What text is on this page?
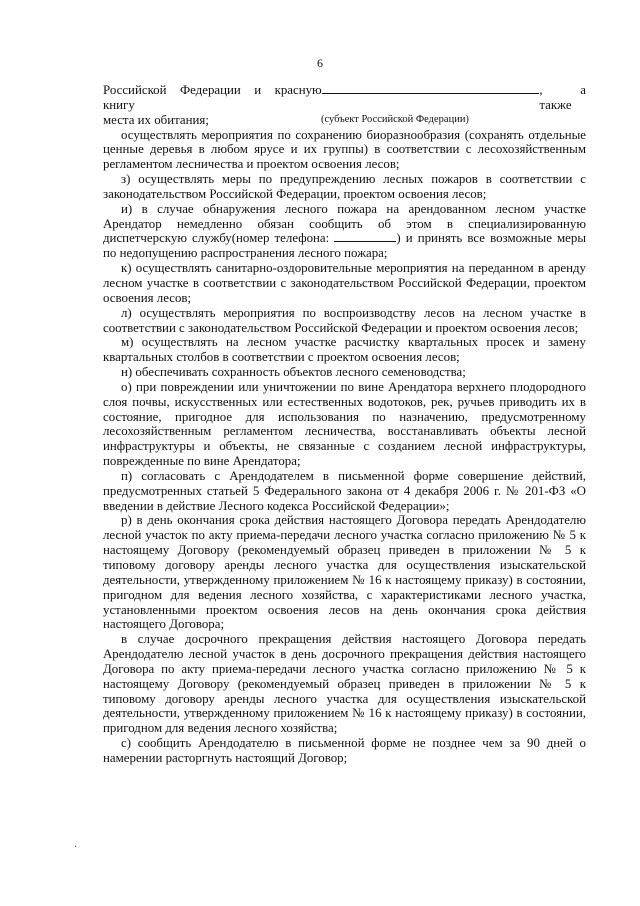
6
Российской Федерации и красную книгу
, а также
места их обитания;	(субъект Российской Федерации)

осуществлять мероприятия по сохранению биоразнообразия (сохранять отдельные ценные деревья в любом ярусе и их группы) в соответствии с лесохозяйственным регламентом лесничества и проектом освоения лесов;

з) осуществлять меры по предупреждению лесных пожаров в соответствии с законодательством Российской Федерации, проектом освоения лесов;

и) в случае обнаружения лесного пожара на арендованном лесном участке Арендатор немедленно обязан сообщить об этом в специализированную диспетчерскую службу(номер телефона:	) и принять все возможные меры по недопущению распространения лесного пожара;

к) осуществлять санитарно-оздоровительные мероприятия на переданном в аренду лесном участке в соответствии с законодательством Российской Федерации, проектом освоения лесов;

л) осуществлять мероприятия по воспроизводству лесов на лесном участке в соответствии с законодательством Российской Федерации и проектом освоения лесов;

м) осуществлять на лесном участке расчистку квартальных просек и замену квартальных столбов в соответствии с проектом освоения лесов;

н) обеспечивать сохранность объектов лесного семеноводства;

о) при повреждении или уничтожении по вине Арендатора верхнего плодородного слоя почвы, искусственных или естественных водотоков, рек, ручьев приводить их в состояние, пригодное для использования по назначению, предусмотренному лесохозяйственным регламентом лесничества, восстанавливать объекты лесной инфраструктуры и объекты, не связанные с созданием лесной инфраструктуры, поврежденные по вине Арендатора;

п) согласовать с Арендодателем в письменной форме совершение действий, предусмотренных статьей 5 Федерального закона от 4 декабря 2006 г. № 201-ФЗ «О введении в действие Лесного кодекса Российской Федерации»;

р) в день окончания срока действия настоящего Договора передать Арендодателю лесной участок по акту приема-передачи лесного участка согласно приложению № 5 к настоящему Договору (рекомендуемый образец приведен в приложении № 5 к типовому договору аренды лесного участка для осуществления изыскательской деятельности, утвержденному приложением № 16 к настоящему приказу) в состоянии, пригодном для ведения лесного хозяйства, с характеристиками лесного участка, установленными проектом освоения лесов на день окончания срока действия настоящего Договора;

в случае досрочного прекращения действия настоящего Договора передать Арендодателю лесной участок в день досрочного прекращения действия настоящего Договора по акту приема-передачи лесного участка согласно приложению № 5 к настоящему Договору (рекомендуемый образец приведен в приложении № 5 к типовому договору аренды лесного участка для осуществления изыскательской деятельности, утвержденному приложением № 16 к настоящему приказу) в состоянии, пригодном для ведения лесного хозяйства;

с) сообщить Арендодателю в письменной форме не позднее чем за 90 дней о намерении расторгнуть настоящий Договор;

·
